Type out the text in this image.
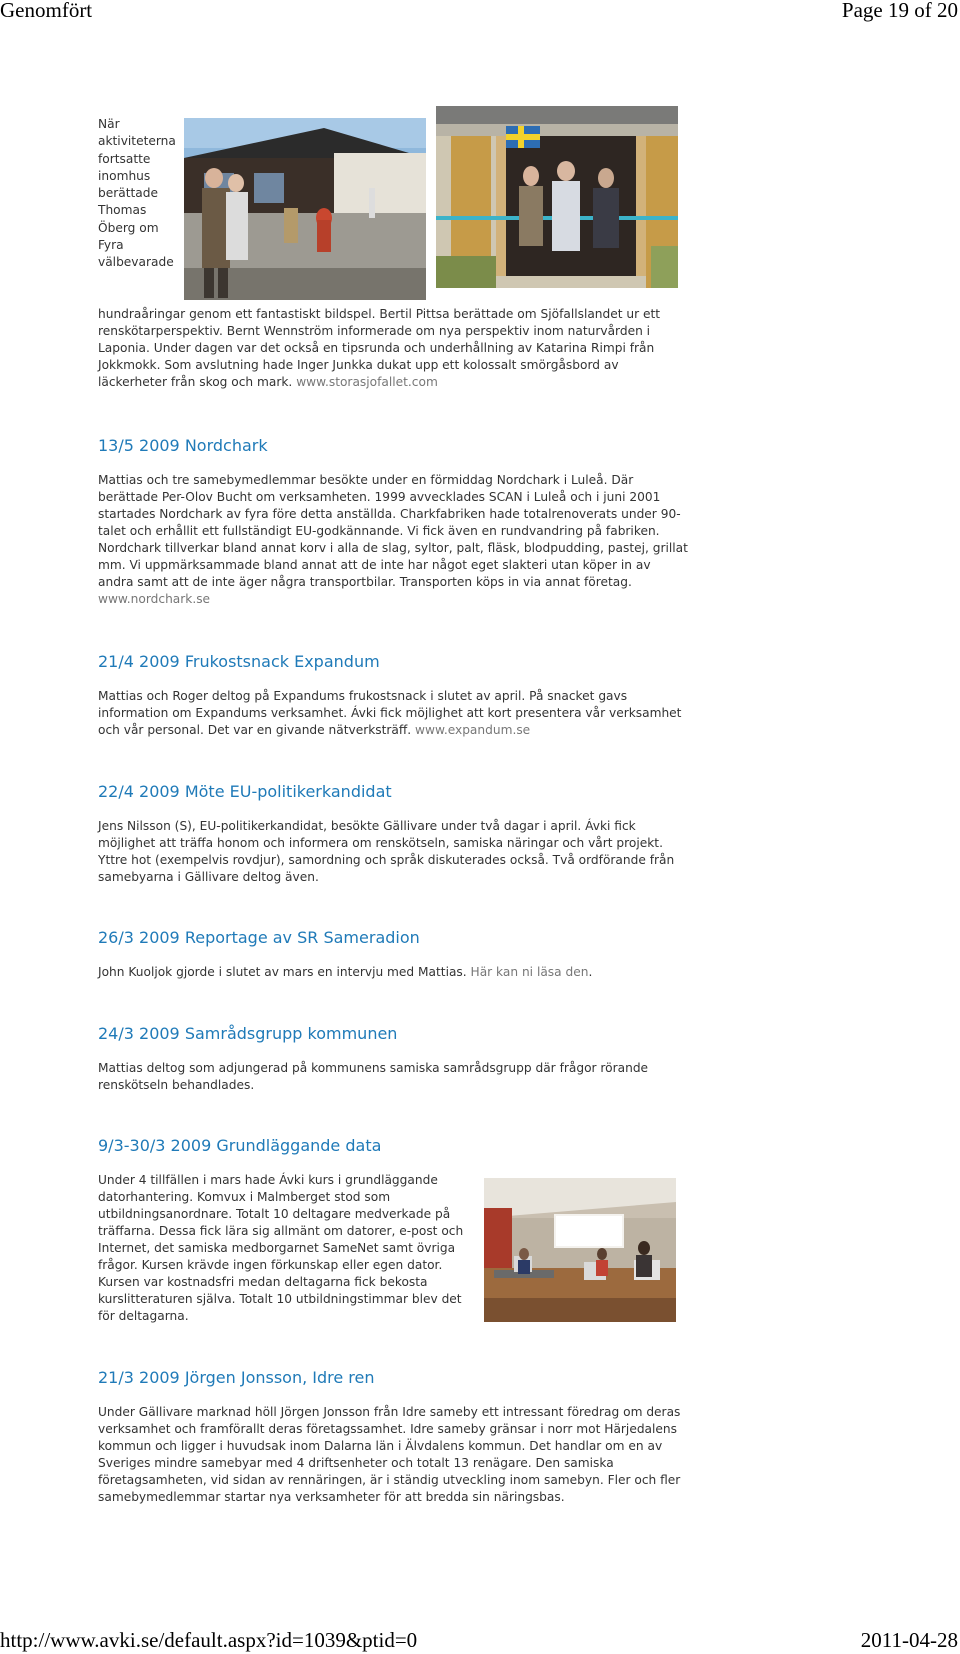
Genomfört	Page 19 of 20
När aktiviteterna fortsatte inomhus berättade Thomas Öberg om Fyra välbevarade
hundraåringar genom ett fantastiskt bildspel. Bertil Pittsa berättade om Sjöfallslandet ur ett renskötarperspektiv. Bernt Wennström informerade om nya perspektiv inom naturvården i Laponia. Under dagen var det också en tipsrunda och underhållning av Katarina Rimpi från Jokkmokk. Som avslutning hade Inger Junkka dukat upp ett kolossalt smörgåsbord av läckerheter från skog och mark. www.storasjofallet.com
13/5 2009 Nordchark
Mattias och tre samebymedlemmar besökte under en förmiddag Nordchark i Luleå. Där berättade Per-Olov Bucht om verksamheten. 1999 avvecklades SCAN i Luleå och i juni 2001 startades Nordchark av fyra före detta anställda. Charkfabriken hade totalrenoverats under 90-talet och erhållit ett fullständigt EU-godkännande. Vi fick även en rundvandring på fabriken. Nordchark tillverkar bland annat korv i alla de slag, syltor, palt, fläsk, blodpudding, pastej, grillat mm. Vi uppmärksammade bland annat att de inte har något eget slakteri utan köper in av andra samt att de inte äger några transportbilar. Transporten köps in via annat företag.  www.nordchark.se
21/4 2009 Frukostsnack Expandum
Mattias och Roger deltog på Expandums frukostsnack i slutet av april. På snacket gavs information om Expandums verksamhet. Ávki fick möjlighet att kort presentera vår verksamhet och vår personal. Det var en givande nätverksträff. www.expandum.se
22/4 2009 Möte EU-politikerkandidat
Jens Nilsson (S), EU-politikerkandidat, besökte Gällivare under två dagar i april. Ávki fick möjlighet att träffa honom och informera om renskötseln, samiska näringar och vårt projekt. Yttre hot (exempelvis rovdjur), samordning och språk diskuterades också. Två ordförande från samebyarna i Gällivare deltog även.
26/3 2009 Reportage av SR Sameradion
John Kuoljok gjorde i slutet av mars en intervju med Mattias. Här kan ni läsa den.
24/3 2009 Samrådsgrupp kommunen
Mattias deltog som adjungerad på kommunens samiska samrådsgrupp där frågor rörande renskötseln behandlades.
9/3-30/3 2009 Grundläggande data
Under 4 tillfällen i mars hade Ávki kurs i grundläggande datorhantering. Komvux i Malmberget stod som utbildningsanordnare. Totalt 10 deltagare medverkade på träffarna. Dessa fick lära sig allmänt om datorer, e-post och Internet, det samiska medborgarnet SameNet samt övriga frågor. Kursen krävde ingen förkunskap eller egen dator. Kursen var kostnadsfri medan deltagarna fick bekosta kurslitteraturen själva. Totalt 10 utbildningstimmar blev det för deltagarna.
21/3 2009 Jörgen Jonsson, Idre ren
Under Gällivare marknad höll Jörgen Jonsson från Idre sameby ett intressant föredrag om deras verksamhet och framförallt deras företagssamhet. Idre sameby gränsar i norr mot Härjedalens kommun och ligger i huvudsak inom Dalarna län i Älvdalens kommun. Det handlar om en av Sveriges mindre samebyar med 4 driftsenheter och totalt 13 renägare. Den samiska företagsamheten, vid sidan av rennäringen, är i ständig utveckling inom samebyn. Fler och fler samebymedlemmar startar nya verksamheter för att bredda sin näringsbas.
http://www.avki.se/default.aspx?id=1039&ptid=0	2011-04-28
